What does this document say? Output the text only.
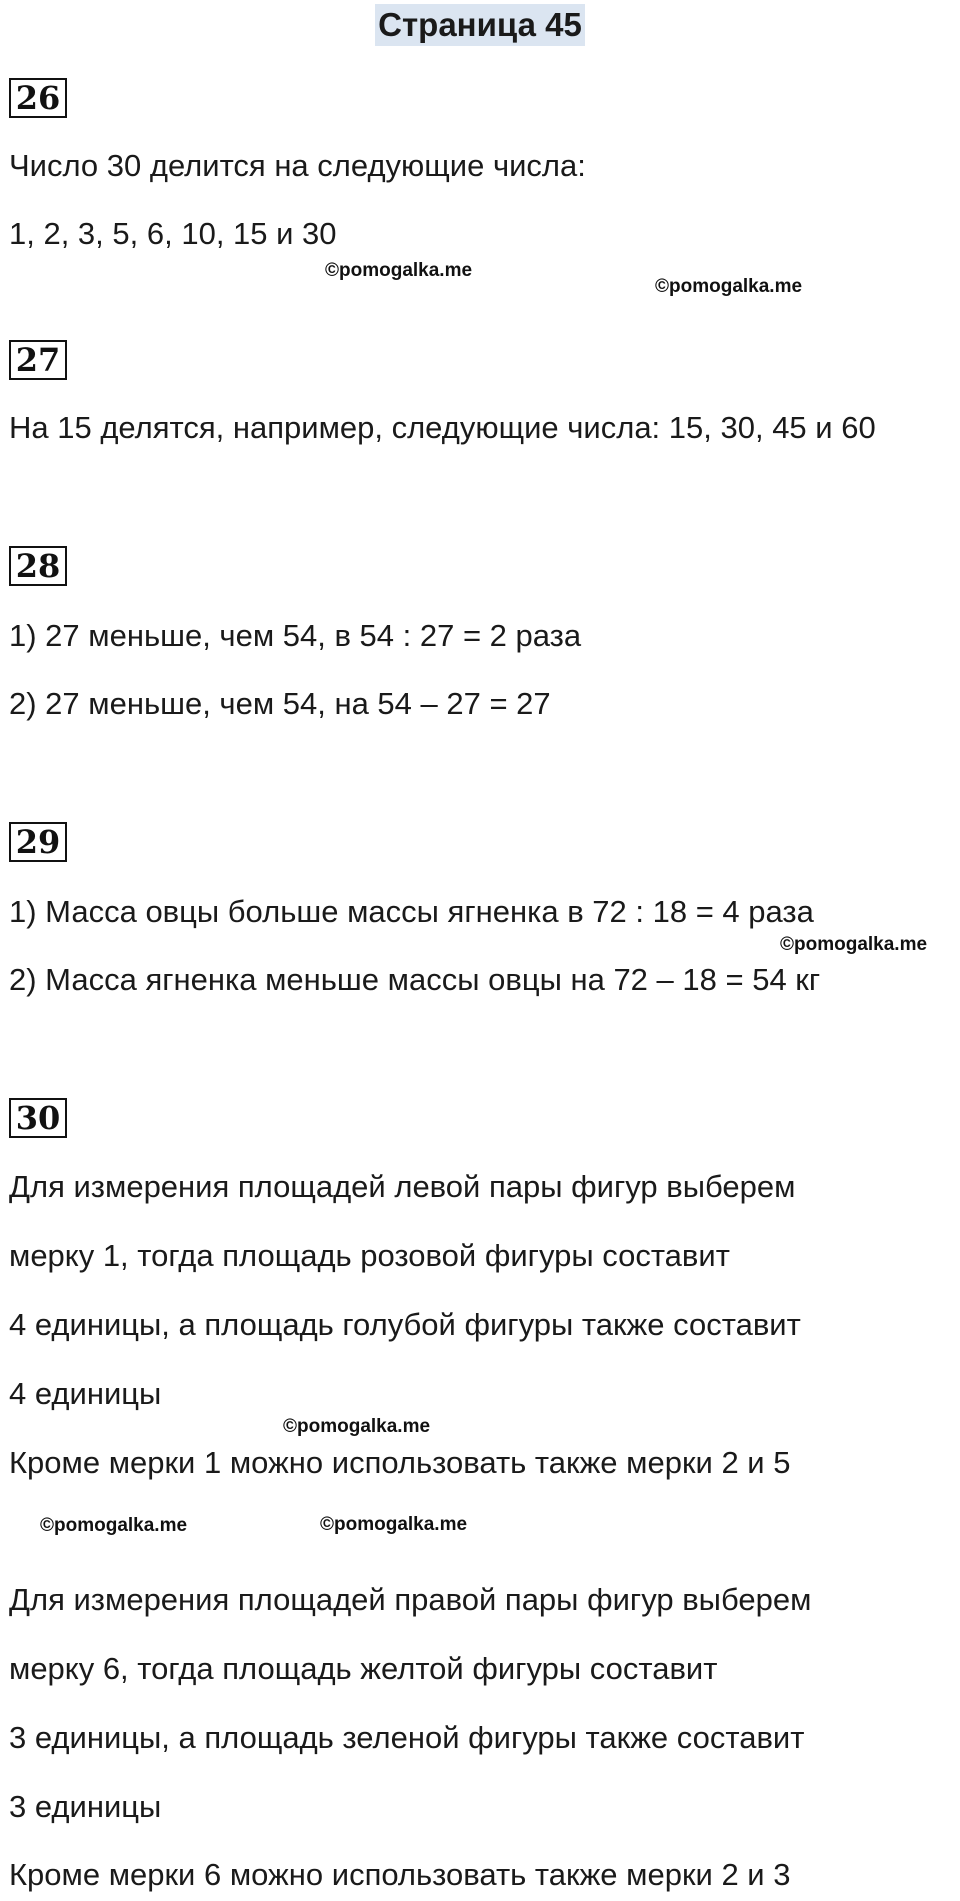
Страница 45
26
Число 30 делится на следующие числа:
1, 2, 3, 5, 6, 10, 15 и 30
©pomogalka.me
©pomogalka.me
27
На 15 делятся, например, следующие числа: 15, 30, 45 и 60
28
1) 27 меньше, чем 54, в 54 : 27 = 2 раза
2) 27 меньше, чем 54, на 54 – 27 = 27
29
1) Масса овцы больше массы ягненка в 72 : 18 = 4 раза
©pomogalka.me
2) Масса ягненка меньше массы овцы на 72 – 18 = 54 кг
30
Для измерения площадей левой пары фигур выберем
мерку 1, тогда площадь розовой фигуры составит
4 единицы, а площадь голубой фигуры также составит
4 единицы
©pomogalka.me
Кроме мерки 1 можно использовать также мерки 2 и 5
©pomogalka.me	©pomogalka.me
Для измерения площадей правой пары фигур выберем
мерку 6, тогда площадь желтой фигуры составит
3 единицы, а площадь зеленой фигуры также составит
3 единицы
Кроме мерки 6 можно использовать также мерки 2 и 3
